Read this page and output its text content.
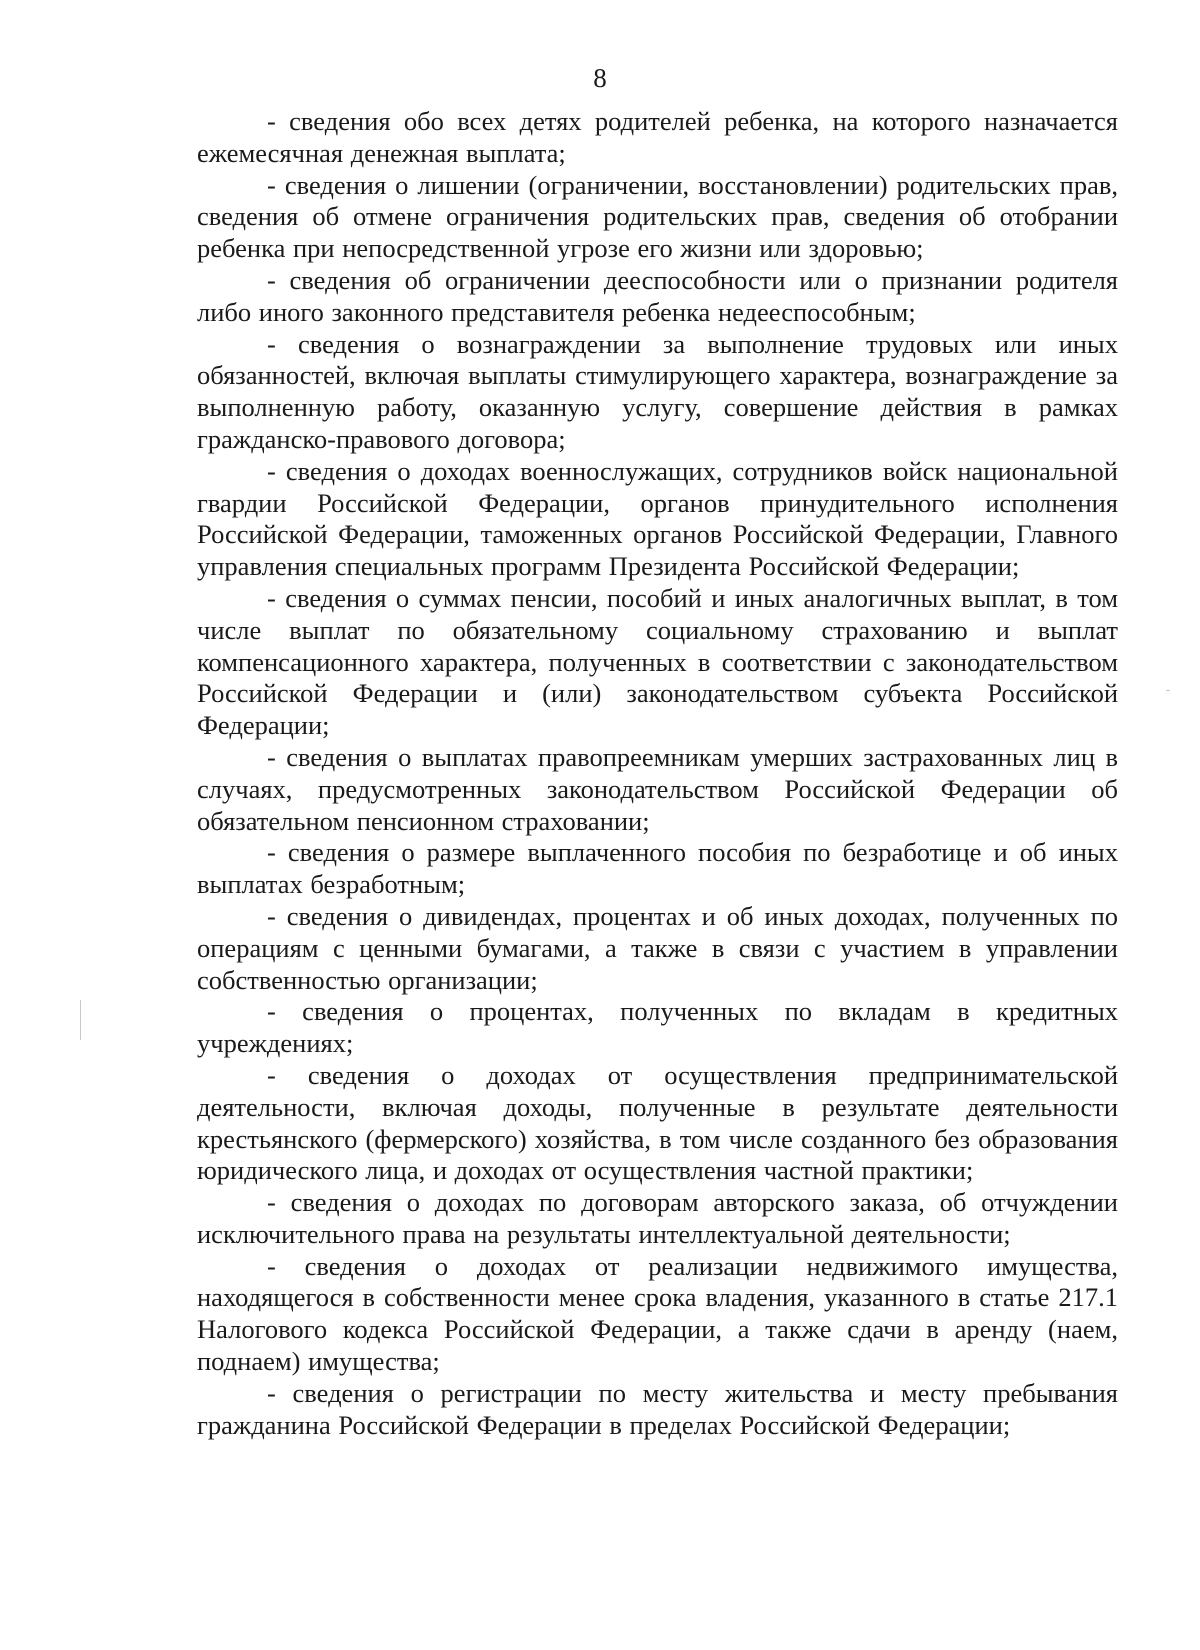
8

- сведения обо всех детях родителей ребенка, на которого назначается ежемесячная денежная выплата;

- сведения о лишении (ограничении, восстановлении) родительских прав, сведения об отмене ограничения родительских прав, сведения об отобрании ребенка при непосредственной угрозе его жизни или здоровью;

- сведения об ограничении дееспособности или о признании родителя либо иного законного представителя ребенка недееспособным;

- сведения о вознаграждении за выполнение трудовых или иных обязанностей, включая выплаты стимулирующего характера, вознаграждение за выполненную работу, оказанную услугу, совершение действия в рамках гражданско-правового договора;

- сведения о доходах военнослужащих, сотрудников войск национальной гвардии Российской Федерации, органов принудительного исполнения Российской Федерации, таможенных органов Российской Федерации, Главного управления специальных программ Президента Российской Федерации;

- сведения о суммах пенсии, пособий и иных аналогичных выплат, в том числе выплат по обязательному социальному страхованию и выплат компенсационного характера, полученных в соответствии с законодательством Российской Федерации и (или) законодательством субъекта Российской Федерации;

- сведения о выплатах правопреемникам умерших застрахованных лиц в случаях, предусмотренных законодательством Российской Федерации об обязательном пенсионном страховании;

- сведения о размере выплаченного пособия по безработице и об иных выплатах безработным;

- сведения о дивидендах, процентах и об иных доходах, полученных по операциям с ценными бумагами, а также в связи с участием в управлении собственностью организации;

- сведения о процентах, полученных по вкладам в кредитных учреждениях;

- сведения о доходах от осуществления предпринимательской деятельности, включая доходы, полученные в результате деятельности крестьянского (фермерского) хозяйства, в том числе созданного без образования юридического лица, и доходах от осуществления частной практики;

- сведения о доходах по договорам авторского заказа, об отчуждении исключительного права на результаты интеллектуальной деятельности;

- сведения о доходах от реализации недвижимого имущества, находящегося в собственности менее срока владения, указанного в статье 217.1 Налогового кодекса Российской Федерации, а также сдачи в аренду (наем, поднаем) имущества;

- сведения о регистрации по месту жительства и месту пребывания гражданина Российской Федерации в пределах Российской Федерации;
